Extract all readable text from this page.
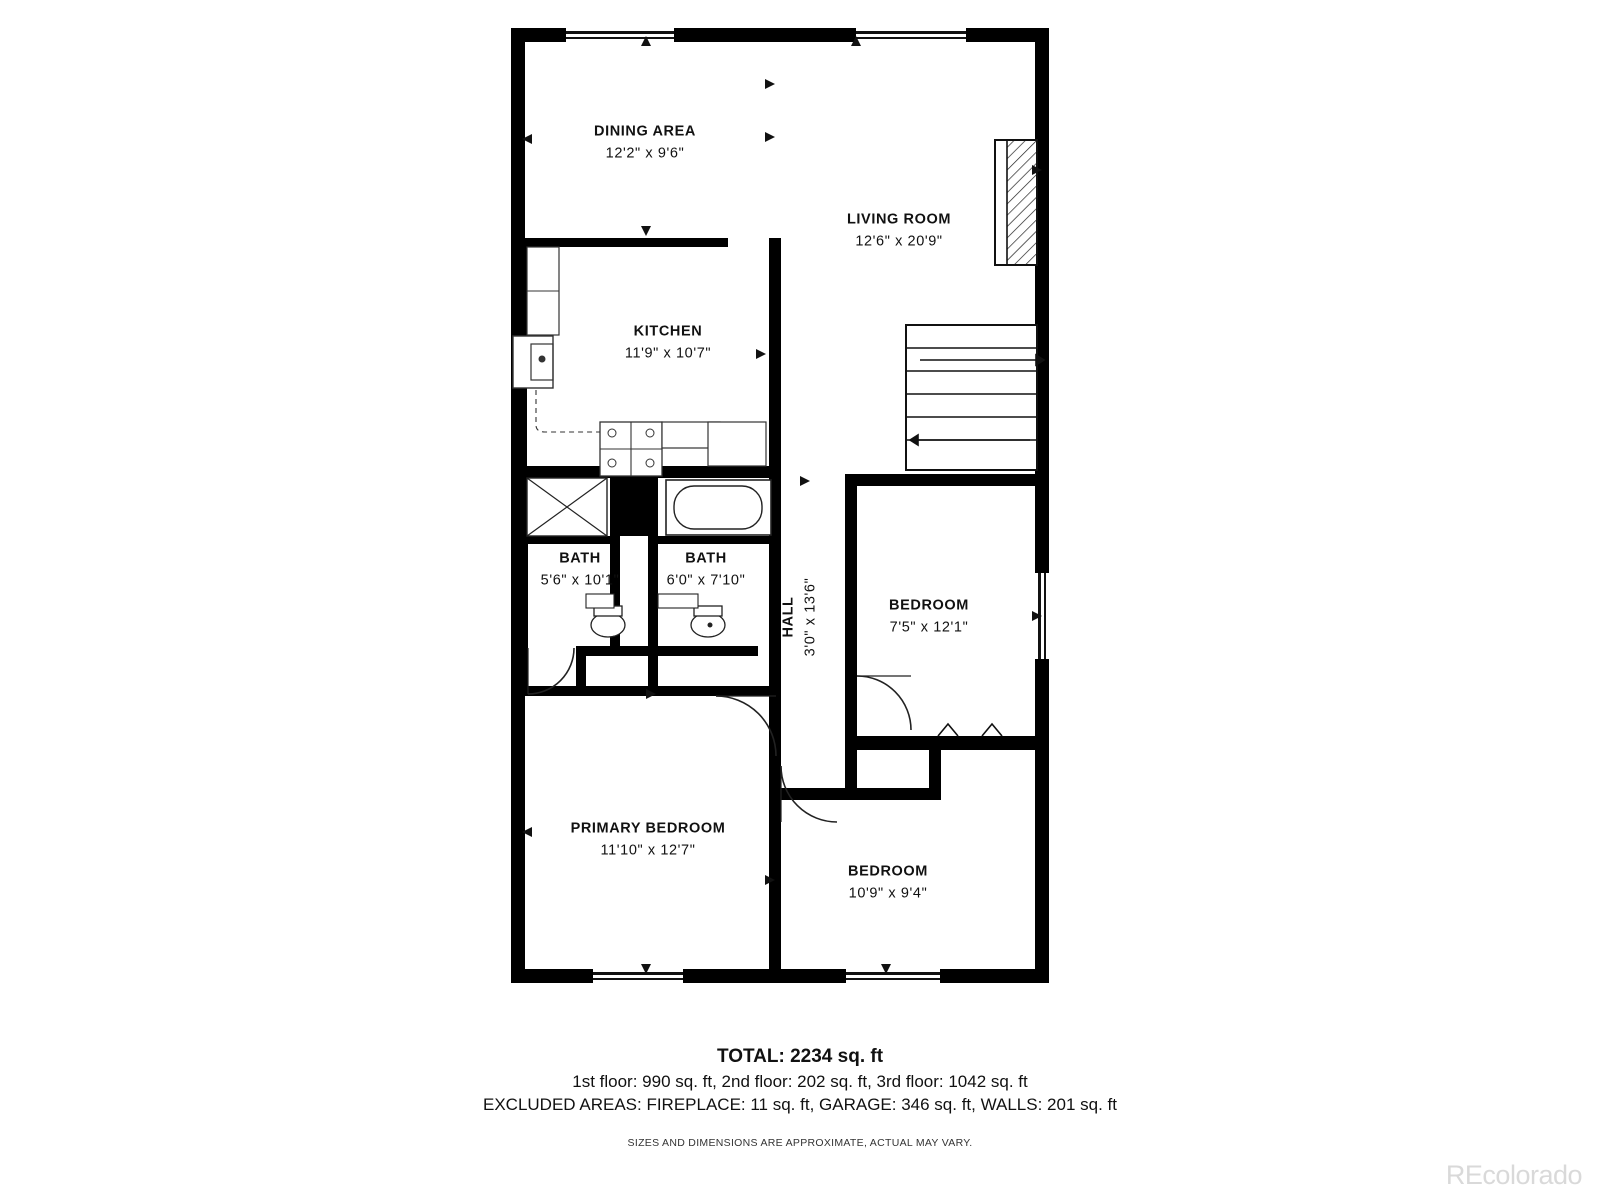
DINING AREA
12'2" x 9'6"
LIVING ROOM
12'6" x 20'9"
KITCHEN
11'9" x 10'7"
BATH
5'6" x 10'1"
BATH
6'0" x 7'10"
HALL 3'0" x 13'6"	BEDROOM
7'5" x 12'1"
PRIMARY BEDROOM
11'10" x 12'7"
BEDROOM
10'9" x 9'4"
TOTAL: 2234 sq. ft
1st floor: 990 sq. ft, 2nd floor: 202 sq. ft, 3rd floor: 1042 sq. ft
EXCLUDED AREAS: FIREPLACE: 11 sq. ft, GARAGE: 346 sq. ft, WALLS: 201 sq. ft
SIZES AND DIMENSIONS ARE APPROXIMATE, ACTUAL MAY VARY.
REcolorado
